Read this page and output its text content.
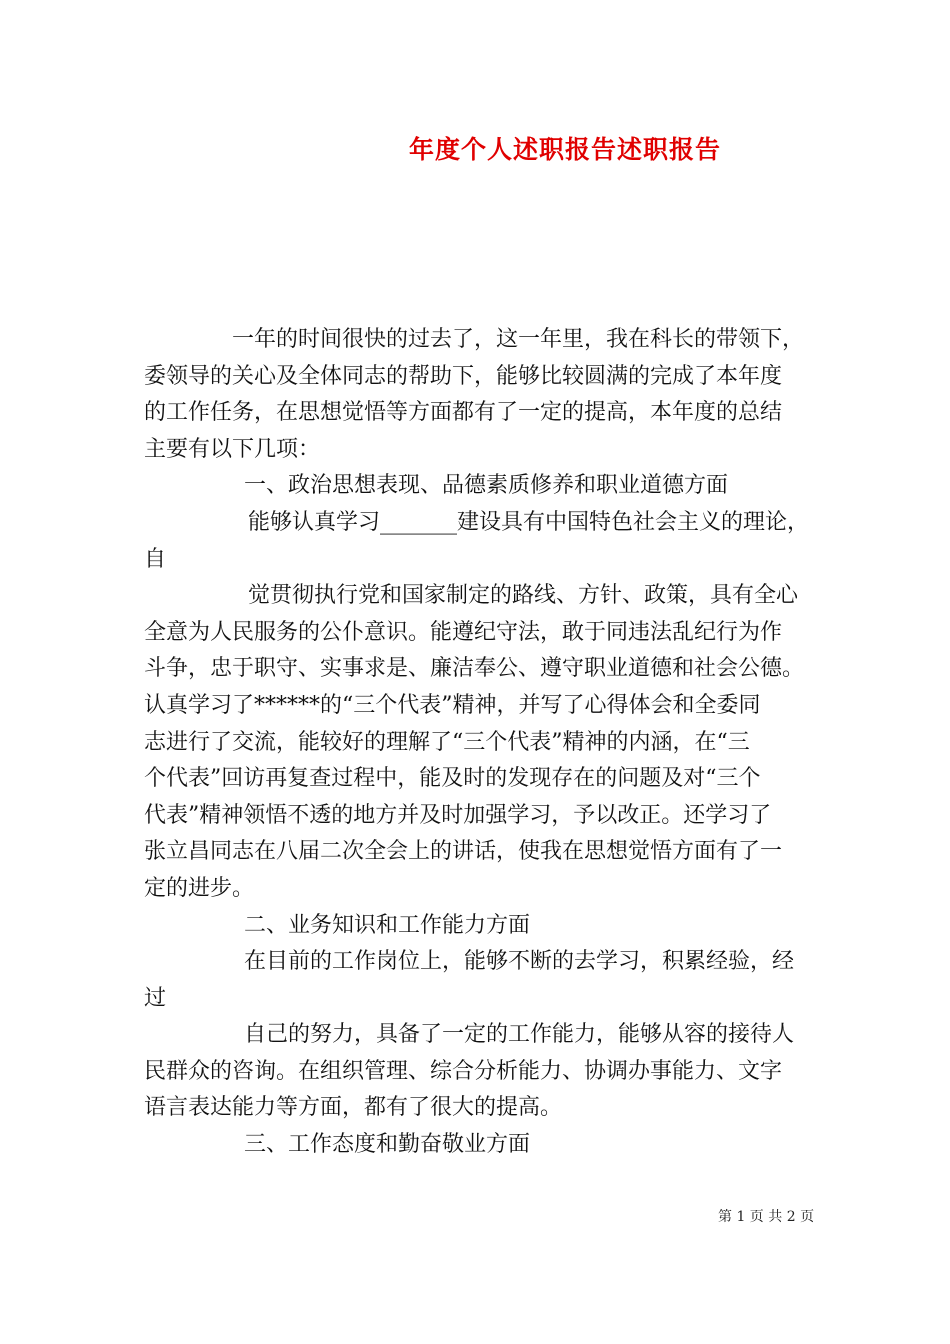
年度个人述职报告述职报告
一年的时间很快的过去了，这一年里，我在科长的带领下，
委领导的关心及全体同志的帮助下，能够比较圆满的完成了本年度
的工作任务，在思想觉悟等方面都有了一定的提高，本年度的总结
主要有以下几项：
一、政治思想表现、品德素质修养和职业道德方面
能够认真学习_______建设具有中国特色社会主义的理论，
自
觉贯彻执行党和国家制定的路线、方针、政策，具有全心
全意为人民服务的公仆意识。能遵纪守法，敢于同违法乱纪行为作
斗争，忠于职守、实事求是、廉洁奉公、遵守职业道德和社会公德。
认真学习了******的“三个代表”精神，并写了心得体会和全委同
志进行了交流，能较好的理解了“三个代表”精神的内涵，在“三
个代表”回访再复查过程中，能及时的发现存在的问题及对“三个
代表”精神领悟不透的地方并及时加强学习，予以改正。还学习了
张立昌同志在八届二次全会上的讲话，使我在思想觉悟方面有了一
定的进步。
二、业务知识和工作能力方面
在目前的工作岗位上，能够不断的去学习，积累经验，经
过
自己的努力，具备了一定的工作能力，能够从容的接待人
民群众的咨询。在组织管理、综合分析能力、协调办事能力、文字
语言表达能力等方面，都有了很大的提高。
三、工作态度和勤奋敬业方面
第 1 页 共 2 页
